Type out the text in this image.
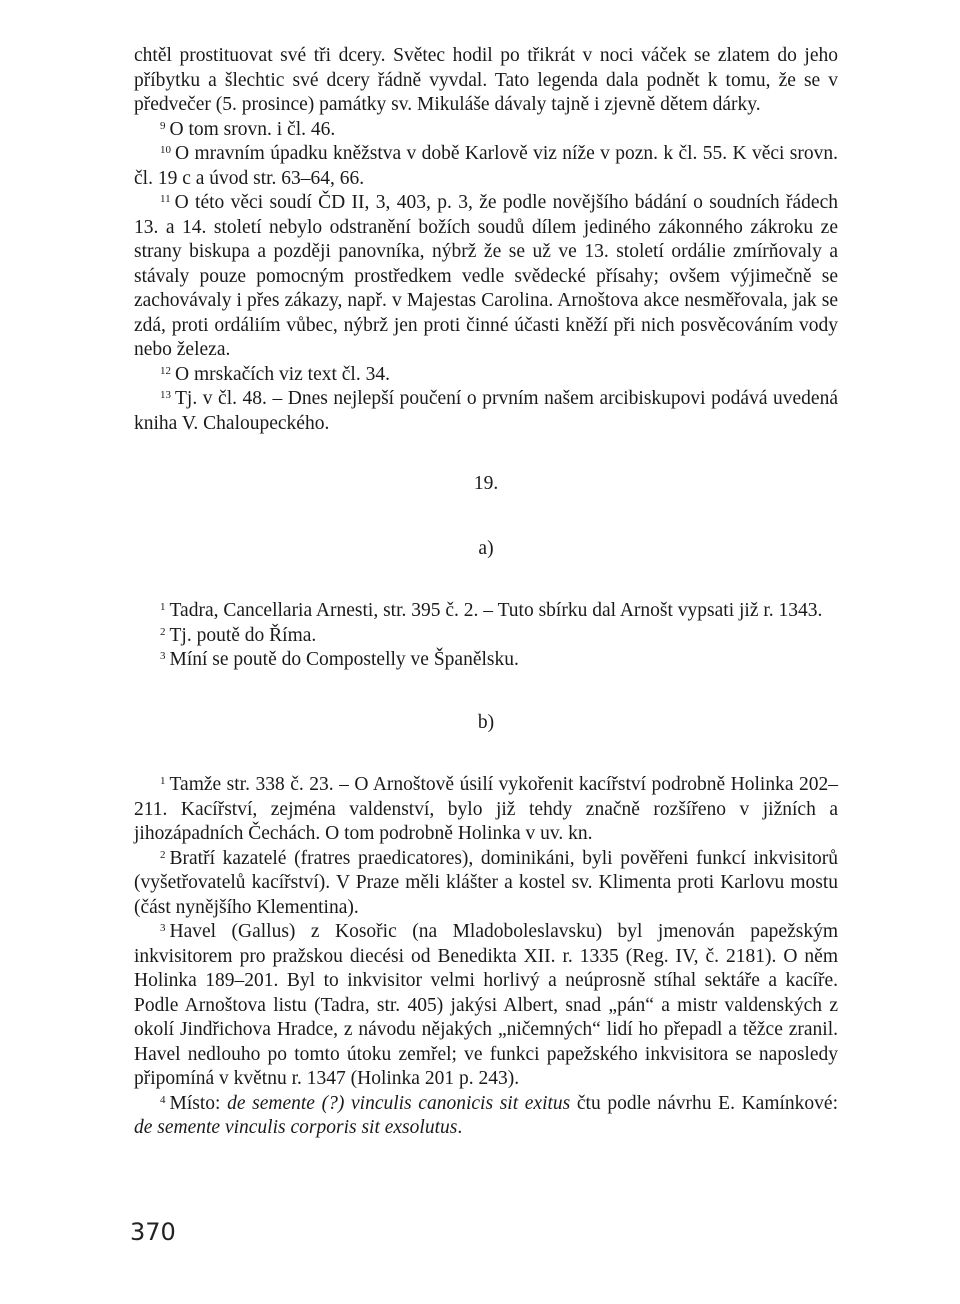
chtěl prostituovat své tři dcery. Světec hodil po třikrát v noci váček se zlatem do jeho příbytku a šlechtic své dcery řádně vyvdal. Tato legenda dala podnět k tomu, že se v předvečer (5. prosince) památky sv. Mikuláše dávaly tajně i zjevně dětem dárky.

$^9$ O tom srovn. i čl. 46.

$^{10}$ O mravním úpadku kněžstva v době Karlově viz níže v pozn. k čl. 55. K věci srovn. čl. 19 c a úvod str. 63–64, 66.

$^{11}$ O této věci soudí ČD II, 3, 403, p. 3, že podle novějšího bádání o soudních řádech 13. a 14. století nebylo odstranění božích soudů dílem jediného zákonného zákroku ze strany biskupa a později panovníka, nýbrž že se už ve 13. století ordálie zmírňovaly a stávaly pouze pomocným prostředkem vedle svědecké přísahy; ovšem výjimečně se zachovávaly i přes zákazy, např. v Majestas Carolina. Arnoštova akce nesměřovala, jak se zdá, proti ordáliím vůbec, nýbrž jen proti činné účasti kněží při nich posvěcováním vody nebo železa.

$^{12}$ O mrskačích viz text čl. 34.

$^{13}$ Tj. v čl. 48. – Dnes nejlepší poučení o prvním našem arcibiskupovi podává uvedená kniha V. Chaloupeckého.

19.

a)

$^1$ Tadra, Cancellaria Arnesti, str. 395 č. 2. – Tuto sbírku dal Arnošt vypsati již r. 1343.

$^2$ Tj. poutě do Říma.

$^3$ Míní se poutě do Compostelly ve Španělsku.

b)

$^1$ Tamže str. 338 č. 23. – O Arnoštově úsilí vykořenit kacířství podrobně Holinka 202–211. Kacířství, zejména valdenství, bylo již tehdy značně rozšířeno v jižních a jihozápadních Čechách. O tom podrobně Holinka v uv. kn.

$^2$ Bratří kazatelé (fratres praedicatores), dominikáni, byli pověřeni funkcí inkvisitorů (vyšetřovatelů kacířství). V Praze měli klášter a kostel sv. Klimenta proti Karlovu mostu (část nynějšího Klementina).

$^3$ Havel (Gallus) z Kosořic (na Mladoboleslavsku) byl jmenován papežským inkvisitorem pro pražskou diecési od Benedikta XII. r. 1335 (Reg. IV, č. 2181). O něm Holinka 189–201. Byl to inkvisitor velmi horlivý a neúprosně stíhal sektáře a kacíře. Podle Arnoštova listu (Tadra, str. 405) jakýsi Albert, snad „pán“ a mistr valdenských z okolí Jindřichova Hradce, z návodu nějakých „ničemných“ lidí ho přepadl a těžce zranil. Havel nedlouho po tomto útoku zemřel; ve funkci papežského inkvisitora se naposledy připomíná v květnu r. 1347 (Holinka 201 p. 243).

$^4$ Místo: de semente (?) vinculis canonicis sit exitus čtu podle návrhu E. Kamínkové: de semente vinculis corporis sit exsolutus.

370
